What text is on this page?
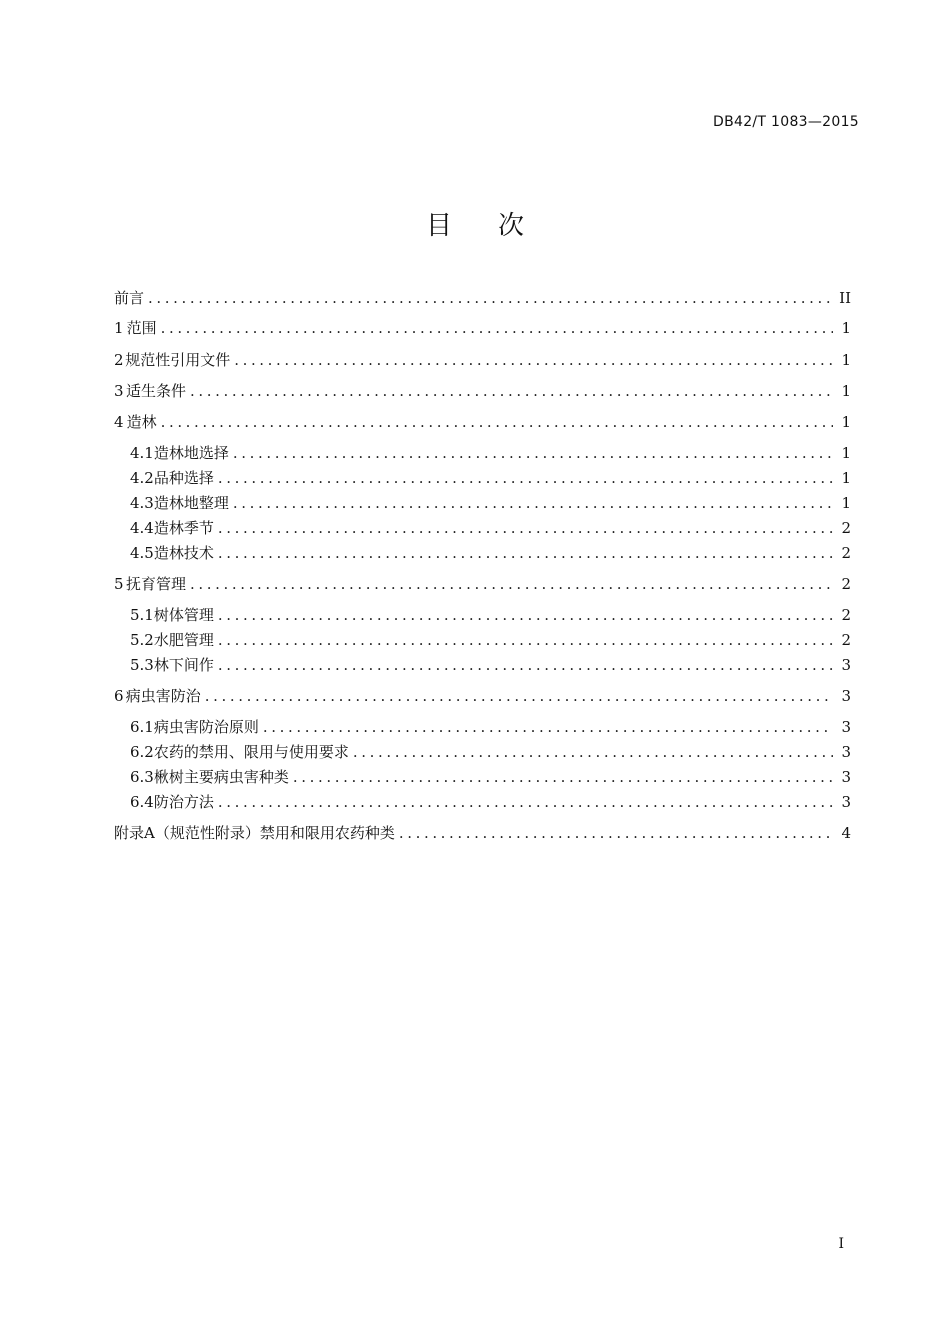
DB42/T 1083—2015
目次
前言 .....	II
1 范围 .....	1
2 规范性引用文件 .....	1
3 适生条件 .....	1
4 造林 .....	1
4.1 造林地选择 .....	1
4.2 品种选择 .....	1
4.3 造林地整理 .....	1
4.4 造林季节 .....	2
4.5 造林技术 .....	2
5 抚育管理 .....	2
5.1 树体管理 .....	2
5.2 水肥管理 .....	2
5.3 林下间作 .....	3
6 病虫害防治 .....	3
6.1 病虫害防治原则 .....	3
6.2 农药的禁用、限用与使用要求 .....	3
6.3 楸树主要病虫害种类 .....	3
6.4 防治方法 .....	3
附录A（规范性附录）禁用和限用农药种类 .....	4
I
